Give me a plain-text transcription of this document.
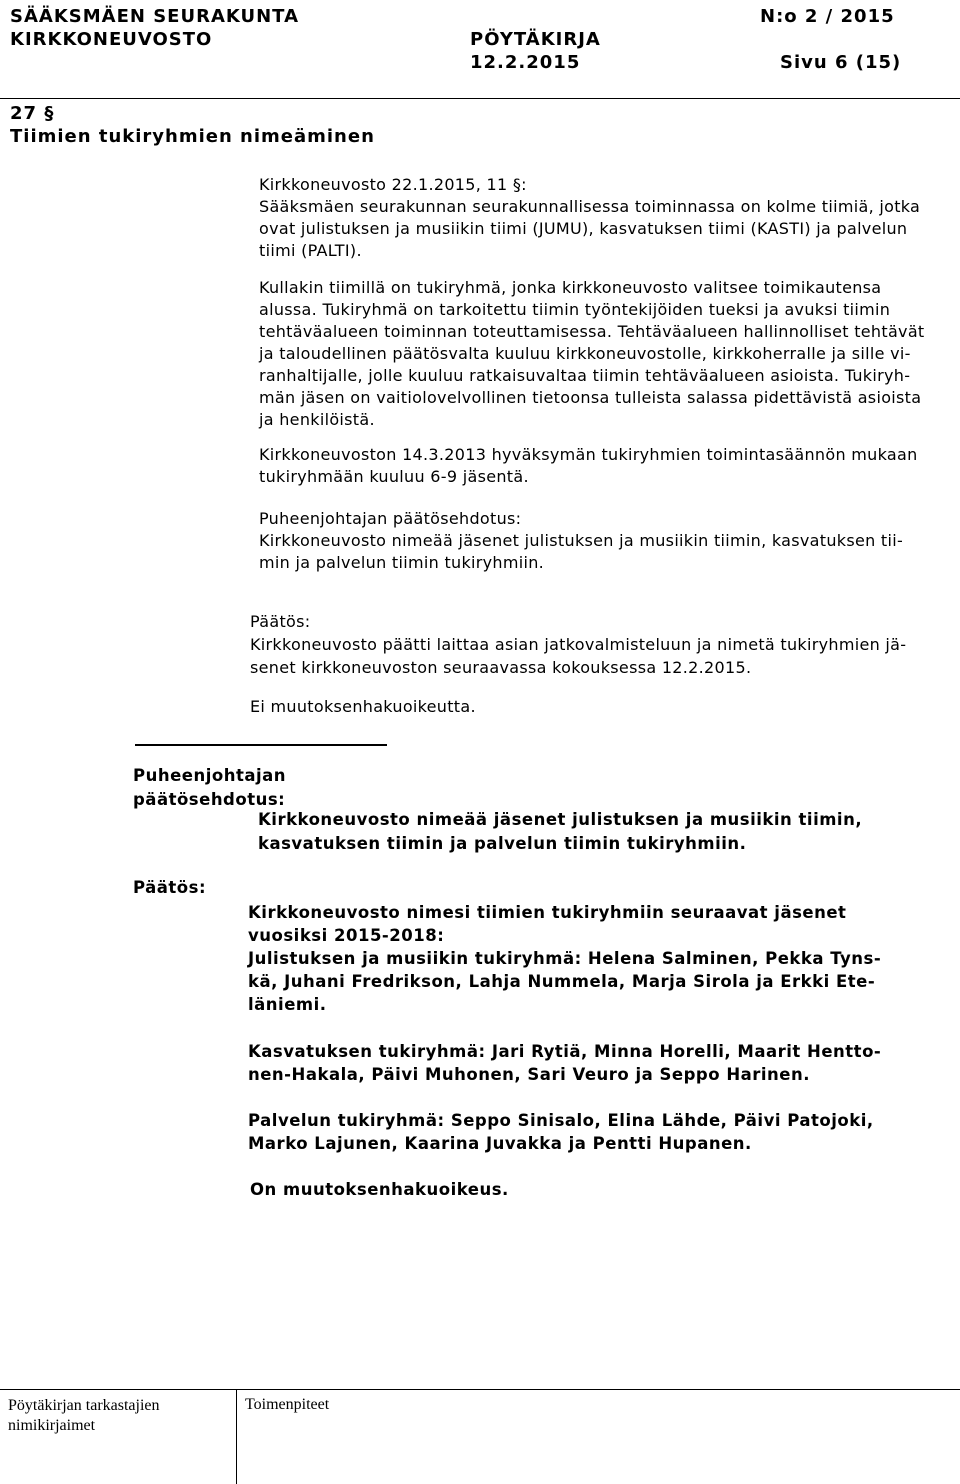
SÄÄKSMÄEN SEURAKUNTA
KIRKKONEUVOSTO	PÖYTÄKIRJA
N:o 2 / 2015
12.2.2015	Sivu 6 (15)
27 §
Tiimien tukiryhmien nimeäminen
Kirkkoneuvosto 22.1.2015, 11 §:
Sääksmäen seurakunnan seurakunnallisessa toiminnassa on kolme tiimiä, jotka
ovat julistuksen ja musiikin tiimi (JUMU), kasvatuksen tiimi (KASTI) ja palvelun
tiimi (PALTI).
Kullakin tiimillä on tukiryhmä, jonka kirkkoneuvosto valitsee toimikautensa
alussa. Tukiryhmä on tarkoitettu tiimin työntekijöiden tueksi ja avuksi tiimin
tehtäväalueen toiminnan toteuttamisessa. Tehtäväalueen hallinnolliset tehtävät
ja taloudellinen päätösvalta kuuluu kirkkoneuvostolle, kirkkoherralle ja sille vi-
ranhaltijalle, jolle kuuluu ratkaisuvaltaa tiimin tehtäväalueen asioista. Tukiryh-
män jäsen on vaitiolovelvollinen tietoonsa tulleista salassa pidettävistä asioista
ja henkilöistä.
Kirkkoneuvoston 14.3.2013 hyväksymän tukiryhmien toimintasäännön mukaan
tukiryhmään kuuluu 6-9 jäsentä.
Puheenjohtajan päätösehdotus:
Kirkkoneuvosto nimeää jäsenet julistuksen ja musiikin tiimin, kasvatuksen tii-
min ja palvelun tiimin tukiryhmiin.
Päätös:
Kirkkoneuvosto päätti laittaa asian jatkovalmisteluun ja nimetä tukiryhmien jä-
senet kirkkoneuvoston seuraavassa kokouksessa 12.2.2015.
Ei muutoksenhakuoikeutta.
Puheenjohtajan
päätösehdotus:
Kirkkoneuvosto nimeää jäsenet julistuksen ja musiikin tiimin,
kasvatuksen tiimin ja palvelun tiimin tukiryhmiin.
Päätös:
Kirkkoneuvosto nimesi tiimien tukiryhmiin seuraavat jäsenet
vuosiksi 2015-2018:
Julistuksen ja musiikin tukiryhmä: Helena Salminen, Pekka Tyns-
kä, Juhani Fredrikson, Lahja Nummela, Marja Sirola ja Erkki Ete-
läniemi.
Kasvatuksen tukiryhmä: Jari Rytiä, Minna Horelli, Maarit Hentto-
nen-Hakala, Päivi Muhonen, Sari Veuro ja Seppo Harinen.
Palvelun tukiryhmä: Seppo Sinisalo, Elina Lähde, Päivi Patojoki,
Marko Lajunen, Kaarina Juvakka ja Pentti Hupanen.
On muutoksenhakuoikeus.
Pöytäkirjan tarkastajien
nimikirjaimet
Toimenpiteet
